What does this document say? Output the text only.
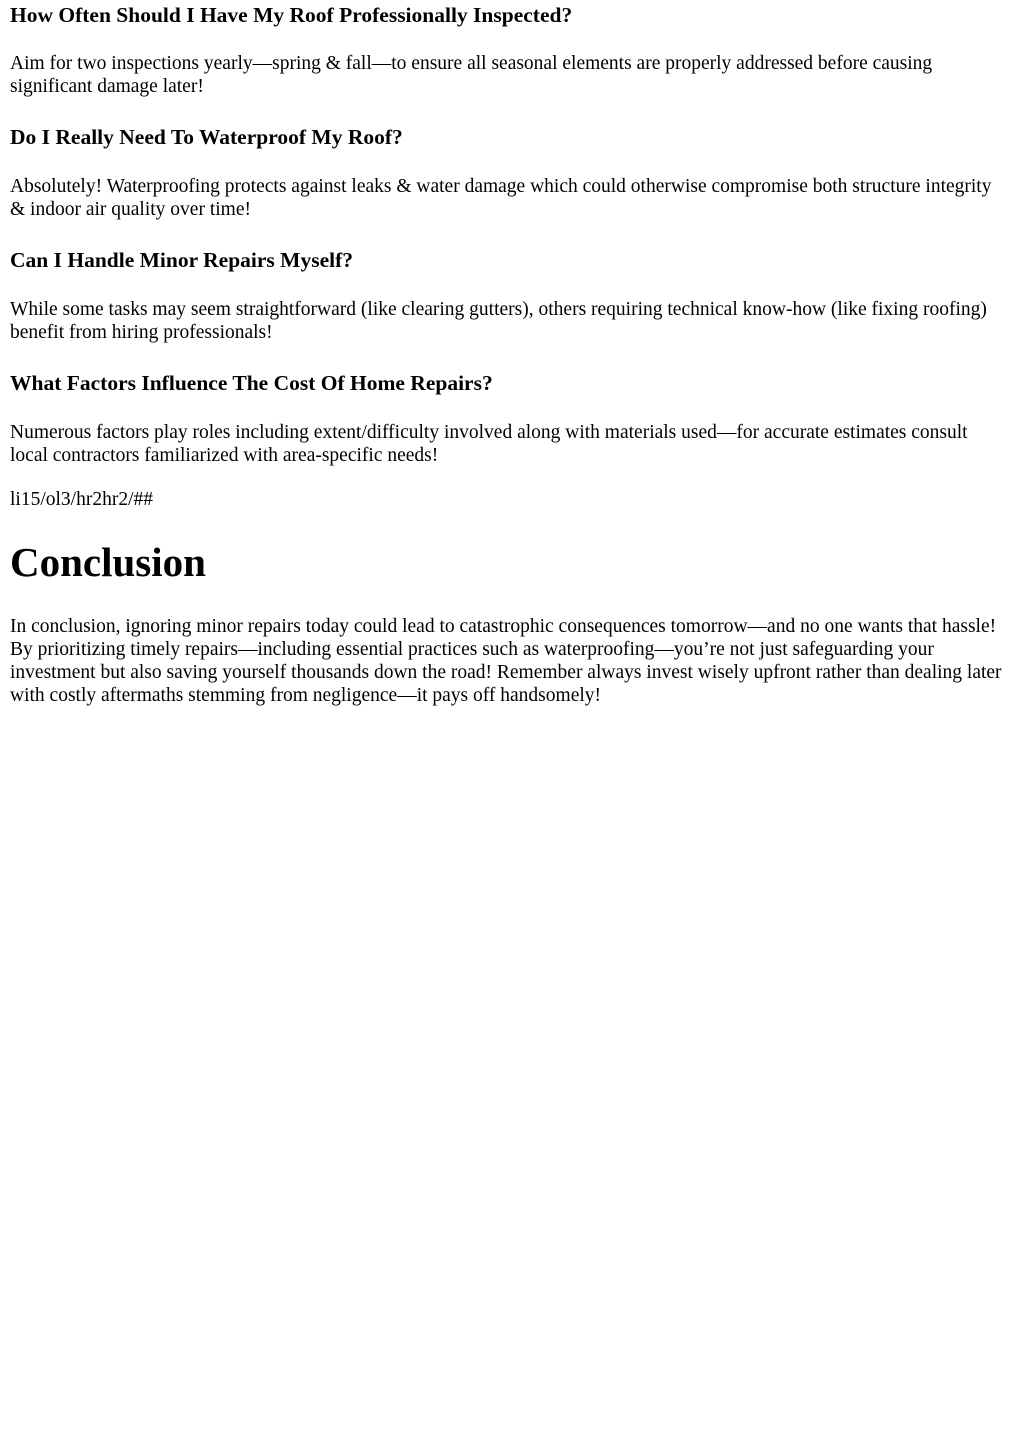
How Often Should I Have My Roof Professionally Inspected?

Aim for two inspections yearly—spring & fall—to ensure all seasonal elements are properly addressed before causing significant damage later!

Do I Really Need To Waterproof My Roof?

Absolutely! Waterproofing protects against leaks & water damage which could otherwise compromise both structure integrity & indoor air quality over time!

Can I Handle Minor Repairs Myself?

While some tasks may seem straightforward (like clearing gutters), others requiring technical know-how (like fixing roofing) benefit from hiring professionals!

What Factors Influence The Cost Of Home Repairs?

Numerous factors play roles including extent/difficulty involved along with materials used—for accurate estimates consult local contractors familiarized with area-specific needs!

li15/ol3/hr2hr2/##

Conclusion

In conclusion, ignoring minor repairs today could lead to catastrophic consequences tomorrow—and no one wants that hassle! By prioritizing timely repairs—including essential practices such as waterproofing—you’re not just safeguarding your investment but also saving yourself thousands down the road! Remember always invest wisely upfront rather than dealing later with costly aftermaths stemming from negligence—it pays off handsomely!
